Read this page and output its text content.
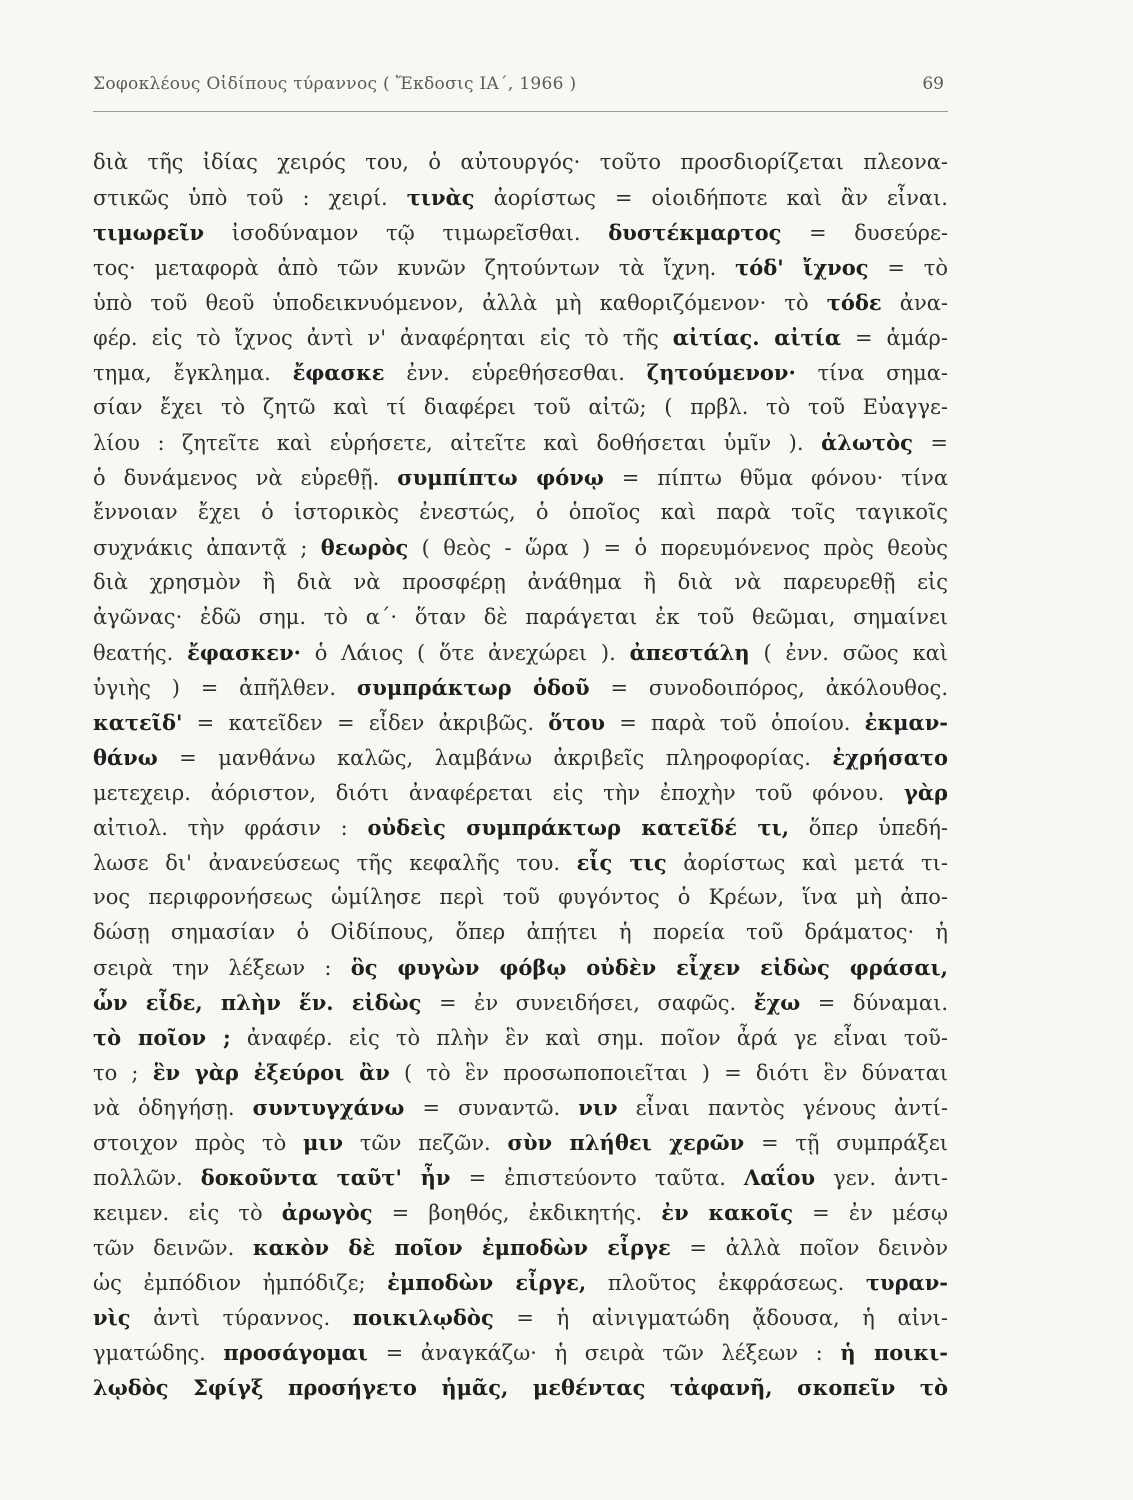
Σοφοκλέους Οἰδίπους τύραννος ( Ἔκδοσις ΙΑ΄, 1966 )	69
διὰ τῆς ἰδίας χειρός του, ὁ αὐτουργός· τοῦτο προσδιορίζεται πλεονα-
στικῶς ὑπὸ τοῦ : χειρί. τινὰς ἀορίστως = οἱοιδήποτε καὶ ἂν εἶναι.
τιμωρεῖν ἰσοδύναμον τῷ τιμωρεῖσθαι. δυστέκμαρτος = δυσεύρε-
τος· μεταφορὰ ἀπὸ τῶν κυνῶν ζητούντων τὰ ἴχνη. τόδ' ἴχνος = τὸ
ὑπὸ τοῦ θεοῦ ὑποδεικνυόμενον, ἀλλὰ μὴ καθοριζόμενον· τὸ τόδε ἀνα-
φέρ. εἰς τὸ ἴχνος ἀντὶ ν' ἀναφέρηται εἰς τὸ τῆς αἰτίας. αἰτία = ἁμάρ-
τημα, ἔγκλημα. ἔφασκε ἐνν. εὑρεθήσεσθαι. ζητούμενον· τίνα σημα-
σίαν ἔχει τὸ ζητῶ καὶ τί διαφέρει τοῦ αἰτῶ; ( πρβλ. τὸ τοῦ Εὐαγγε-
λίου : ζητεῖτε καὶ εὑρήσετε, αἰτεῖτε καὶ δοθήσεται ὑμῖν ). ἁλωτὸς =
ὁ δυνάμενος νὰ εὑρεθῇ. συμπίπτω φόνῳ = πίπτω θῦμα φόνου· τίνα
ἔννοιαν ἔχει ὁ ἱστορικὸς ἐνεστώς, ὁ ὁποῖος καὶ παρὰ τοῖς ταγικοῖς
συχνάκις ἀπαντᾷ ; θεωρὸς ( θεὸς - ὥρα ) = ὁ πορευμόνενος πρὸς θεοὺς
διὰ χρησμὸν ἢ διὰ νὰ προσφέρῃ ἀνάθημα ἢ διὰ νὰ παρευρεθῇ εἰς
ἀγῶνας· ἐδῶ σημ. τὸ α΄· ὅταν δὲ παράγεται ἐκ τοῦ θεῶμαι, σημαίνει
θεατής. ἔφασκεν· ὁ Λάιος ( ὅτε ἀνεχώρει ). ἀπεστάλη ( ἐνν. σῶος καὶ
ὑγιὴς ) = ἀπῆλθεν. συμπράκτωρ ὁδοῦ = συνοδοιπόρος, ἀκόλουθος.
κατεῖδ' = κατεῖδεν = εἶδεν ἀκριβῶς. ὅτου = παρὰ τοῦ ὁποίου. ἐκμαν-
θάνω = μανθάνω καλῶς, λαμβάνω ἀκριβεῖς πληροφορίας. ἐχρήσατο
μετεχειρ. ἀόριστον, διότι ἀναφέρεται εἰς τὴν ἐποχὴν τοῦ φόνου. γὰρ
αἰτιολ. τὴν φράσιν : οὐδεὶς συμπράκτωρ κατεῖδέ τι, ὅπερ ὑπεδή-
λωσε δι' ἀνανεύσεως τῆς κεφαλῆς του. εἷς τις ἀορίστως καὶ μετά τι-
νος περιφρονήσεως ὡμίλησε περὶ τοῦ φυγόντος ὁ Κρέων, ἵνα μὴ ἀπο-
δώσῃ σημασίαν ὁ Οἰδίπους, ὅπερ ἀπῄτει ἡ πορεία τοῦ δράματος· ἡ
σειρὰ την λέξεων : ὃς φυγὼν φόβῳ οὐδὲν εἶχεν εἰδὼς φράσαι,
ὧν εἶδε, πλὴν ἕν. εἰδὼς = ἐν συνειδήσει, σαφῶς. ἔχω = δύναμαι.
τὸ ποῖον ; ἀναφέρ. εἰς τὸ πλὴν ἓν καὶ σημ. ποῖον ἆρά γε εἶναι τοῦ-
το ; ἓν γὰρ ἐξεύροι ἂν ( τὸ ἓν προσωποποιεῖται ) = διότι ἓν δύναται
νὰ ὁδηγήσῃ. συντυγχάνω = συναντῶ. νιν εἶναι παντὸς γένους ἀντί-
στοιχον πρὸς τὸ μιν τῶν πεζῶν. σὺν πλήθει χερῶν = τῇ συμπράξει
πολλῶν. δοκοῦντα ταῦτ' ἦν = ἐπιστεύοντο ταῦτα. Λαΐου γεν. ἀντι-
κειμεν. εἰς τὸ ἀρωγὸς = βοηθός, ἐκδικητής. ἐν κακοῖς = ἐν μέσῳ
τῶν δεινῶν. κακὸν δὲ ποῖον ἐμποδὼν εἶργε = ἀλλὰ ποῖον δεινὸν
ὡς ἐμπόδιον ἠμπόδιζε; ἐμποδὼν εἶργε, πλοῦτος ἐκφράσεως. τυραν-
νὶς ἀντὶ τύραννος. ποικιλῳδὸς = ἡ αἰνιγματώδη ᾄδουσα, ἡ αἰνι-
γματώδης. προσάγομαι = ἀναγκάζω· ἡ σειρὰ τῶν λέξεων : ἡ ποικι-
λῳδὸς Σφίγξ προσήγετο ἡμᾶς, μεθέντας τἀφανῆ, σκοπεῖν τὸ
